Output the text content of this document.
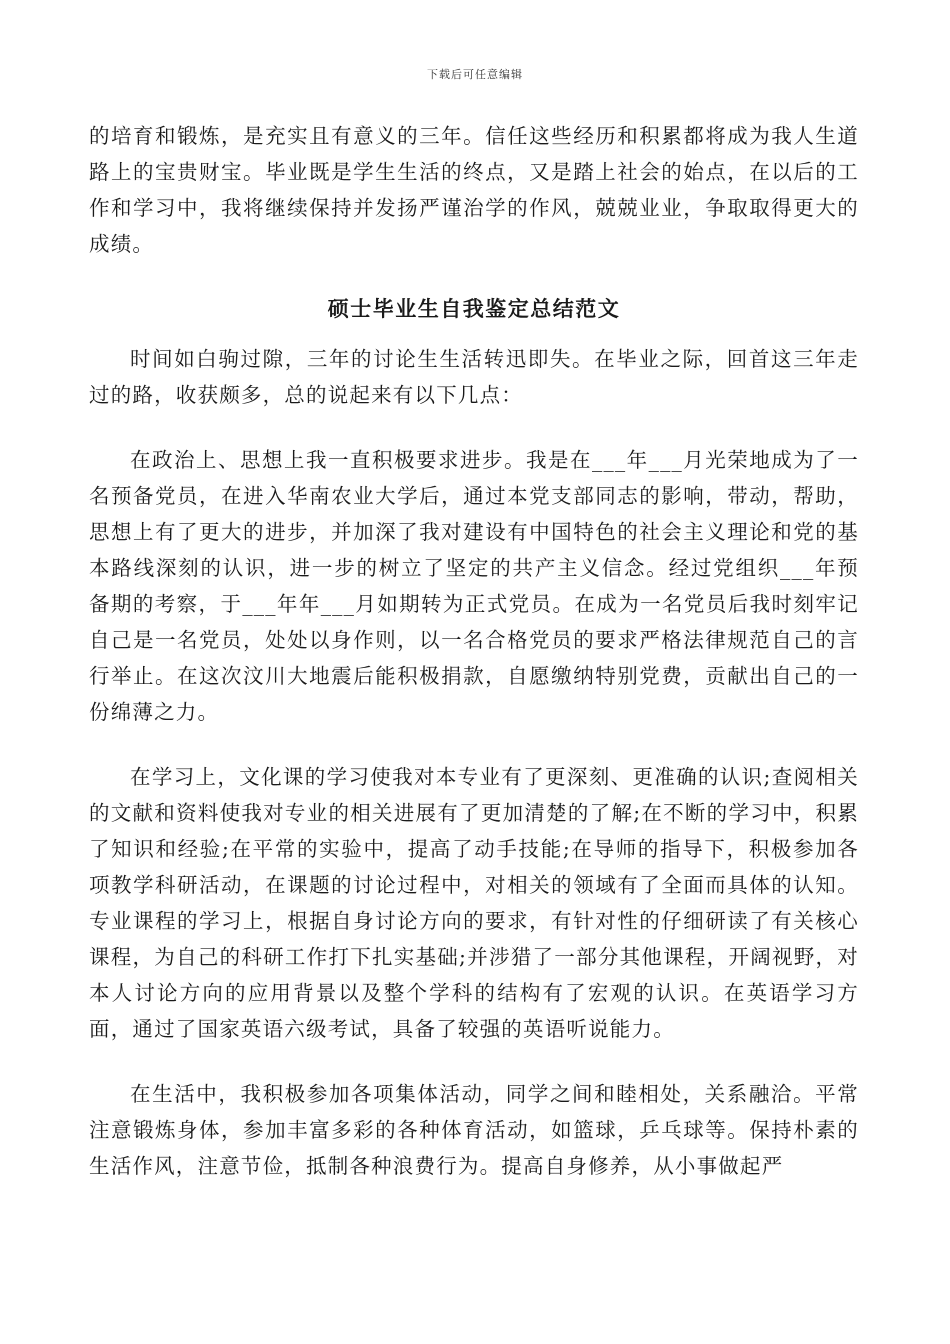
下载后可任意编辑

的培育和锻炼，是充实且有意义的三年。信任这些经历和积累都将成为我人生道路上的宝贵财宝。毕业既是学生生活的终点，又是踏上社会的始点，在以后的工作和学习中，我将继续保持并发扬严谨治学的作风，兢兢业业，争取取得更大的成绩。

硕士毕业生自我鉴定总结范文

时间如白驹过隙，三年的讨论生生活转迅即失。在毕业之际，回首这三年走过的路，收获颇多，总的说起来有以下几点：

在政治上、思想上我一直积极要求进步。我是在___年___月光荣地成为了一名预备党员，在进入华南农业大学后，通过本党支部同志的影响，带动，帮助，思想上有了更大的进步，并加深了我对建设有中国特色的社会主义理论和党的基本路线深刻的认识，进一步的树立了坚定的共产主义信念。经过党组织___年预备期的考察，于___年年___月如期转为正式党员。在成为一名党员后我时刻牢记自己是一名党员，处处以身作则，以一名合格党员的要求严格法律规范自己的言行举止。在这次汶川大地震后能积极捐款，自愿缴纳特别党费，贡献出自己的一份绵薄之力。

在学习上，文化课的学习使我对本专业有了更深刻、更准确的认识;查阅相关的文献和资料使我对专业的相关进展有了更加清楚的了解;在不断的学习中，积累了知识和经验;在平常的实验中，提高了动手技能;在导师的指导下，积极参加各项教学科研活动，在课题的讨论过程中，对相关的领域有了全面而具体的认知。专业课程的学习上，根据自身讨论方向的要求，有针对性的仔细研读了有关核心课程，为自己的科研工作打下扎实基础;并涉猎了一部分其他课程，开阔视野，对本人讨论方向的应用背景以及整个学科的结构有了宏观的认识。在英语学习方面，通过了国家英语六级考试，具备了较强的英语听说能力。

在生活中，我积极参加各项集体活动，同学之间和睦相处，关系融洽。平常注意锻炼身体，参加丰富多彩的各种体育活动，如篮球，乒乓球等。保持朴素的生活作风，注意节俭，抵制各种浪费行为。提高自身修养，从小事做起严
